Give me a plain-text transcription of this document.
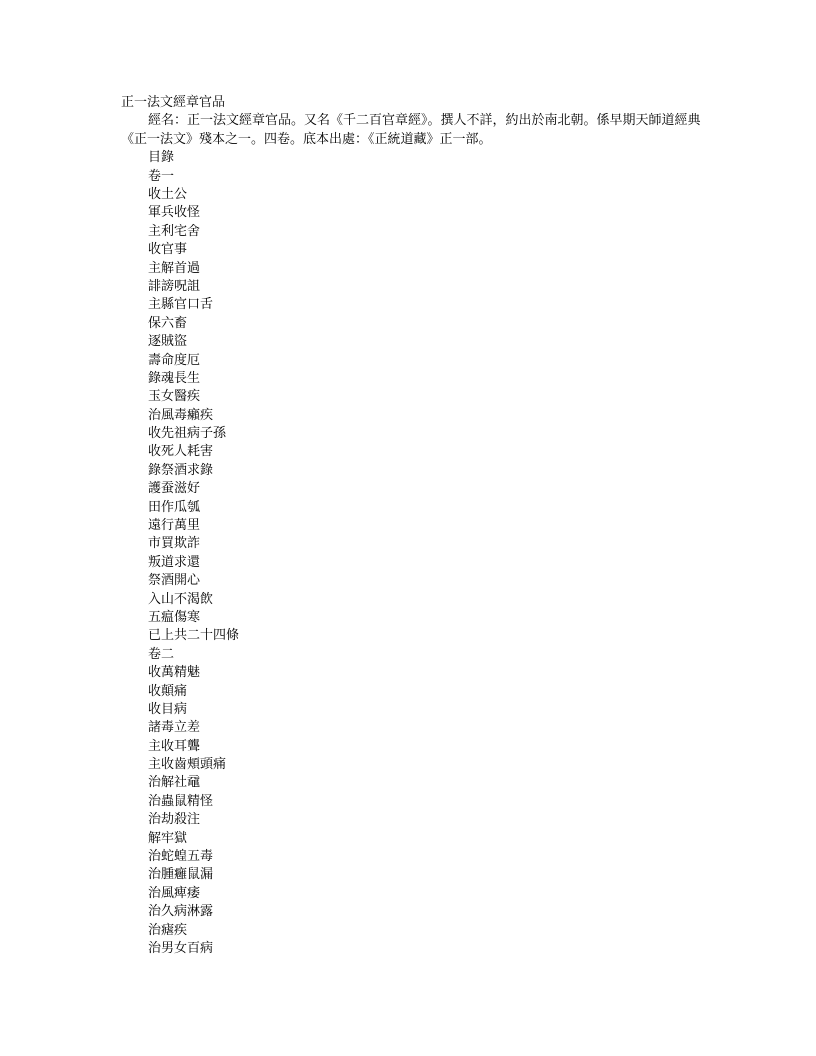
正一法文經章官品
經名：正一法文經章官品。又名《千二百官章經》。撰人不詳，約出於南北朝。係早期天師道經典《正一法文》殘本之一。四卷。底本出處：《正統道藏》正一部。
目錄
卷一
收土公
軍兵收怪
主利宅舍
收官事
主解首過
誹謗呪詛
主縣官口舌
保六畜
逐賊盜
壽命度厄
錄魂長生
玉女醫疾
治風毒癩疾
收先祖病子孫
收死人耗害
錄祭酒求錄
護蚕滋好
田作瓜瓠
遠行萬里
市買欺詐
叛道求還
祭酒開心
入山不渴飲
五瘟傷寒
已上共二十四條
卷二
收萬精魅
收顛痛
收目病
諸毒立差
主收耳聾
主收齒頰頭痛
治解社黿
治蟲鼠精怪
治劫殺注
解牢獄
治蛇蝗五毒
治腫癰鼠漏
治風痺痿
治久病淋露
治瘧疾
治男女百病
